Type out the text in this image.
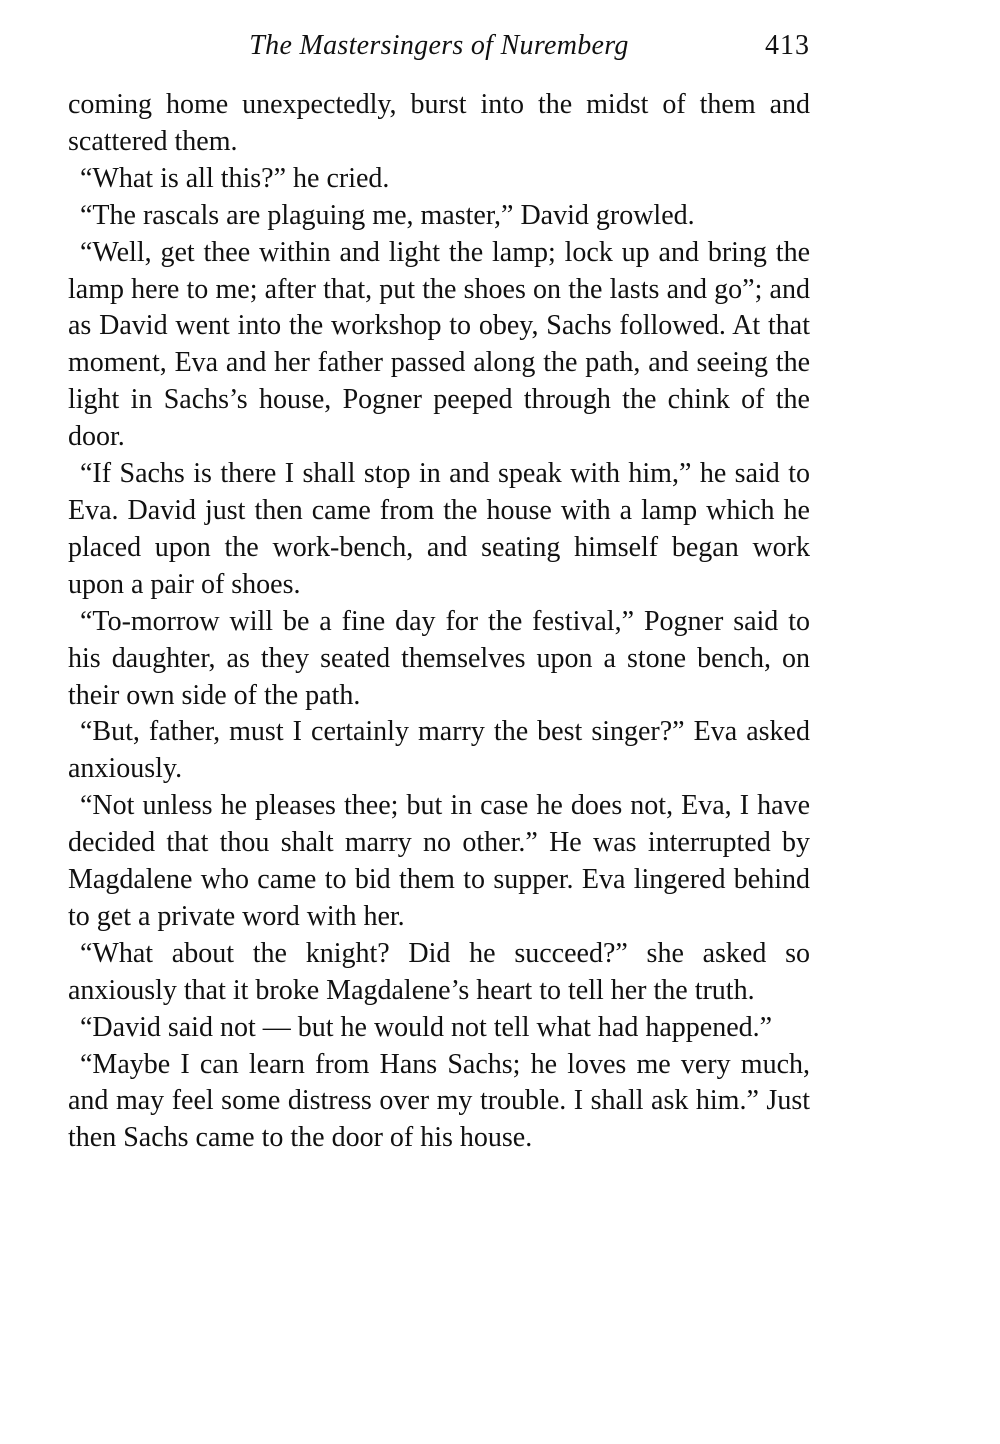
The Mastersingers of Nuremberg	413

coming home unexpectedly, burst into the midst of them and scattered them.

“What is all this?” he cried.

“The rascals are plaguing me, master,” David growled.

“Well, get thee within and light the lamp; lock up and bring the lamp here to me; after that, put the shoes on the lasts and go”; and as David went into the workshop to obey, Sachs followed. At that moment, Eva and her father passed along the path, and seeing the light in Sachs’s house, Pogner peeped through the chink of the door.

“If Sachs is there I shall stop in and speak with him,” he said to Eva. David just then came from the house with a lamp which he placed upon the work-bench, and seating himself began work upon a pair of shoes.

“To-morrow will be a fine day for the festival,” Pogner said to his daughter, as they seated themselves upon a stone bench, on their own side of the path.

“But, father, must I certainly marry the best singer?” Eva asked anxiously.

“Not unless he pleases thee; but in case he does not, Eva, I have decided that thou shalt marry no other.” He was interrupted by Magdalene who came to bid them to supper. Eva lingered behind to get a private word with her.

“What about the knight? Did he succeed?” she asked so anxiously that it broke Magdalene’s heart to tell her the truth.

“David said not — but he would not tell what had happened.”

“Maybe I can learn from Hans Sachs; he loves me very much, and may feel some distress over my trouble. I shall ask him.” Just then Sachs came to the door of his house.
